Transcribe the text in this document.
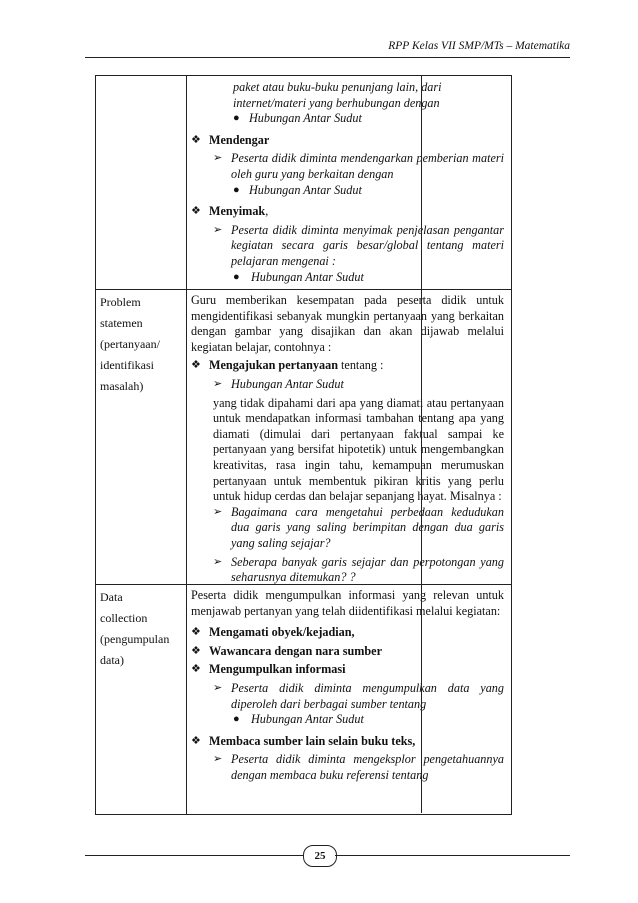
RPP Kelas VII SMP/MTs – Matematika

paket atau buku-buku penunjang lain, dari

internet/materi yang berhubungan dengan

● Hubungan Antar Sudut
❖ Mendengar
➢ Peserta didik diminta mendengarkan pemberian materi oleh guru yang berkaitan dengan
● Hubungan Antar Sudut
❖ Menyimak,
➢ Peserta didik diminta menyimak penjelasan pengantar kegiatan secara garis besar/global tentang materi pelajaran mengenai :
● Hubungan Antar Sudut
Problem
statemen
(pertanyaan/
identifikasi
masalah)

Guru memberikan kesempatan pada peserta didik untuk mengidentifikasi sebanyak mungkin pertanyaan yang berkaitan dengan gambar yang disajikan dan akan dijawab melalui kegiatan belajar, contohnya :

❖ Mengajukan pertanyaan tentang :
➢ Hubungan Antar Sudut

yang tidak dipahami dari apa yang diamati atau pertanyaan untuk mendapatkan informasi tambahan tentang apa yang diamati (dimulai dari pertanyaan faktual sampai ke pertanyaan yang bersifat hipotetik) untuk mengembangkan kreativitas, rasa ingin tahu, kemampuan merumuskan pertanyaan untuk membentuk pikiran kritis yang perlu untuk hidup cerdas dan belajar sepanjang hayat. Misalnya :

➢ Bagaimana cara mengetahui perbedaan kedudukan dua garis yang saling berimpitan dengan dua garis yang saling sejajar?
➢ Seberapa banyak garis sejajar dan perpotongan yang seharusnya ditemukan? ?
Data
collection
(pengumpulan
data)

Peserta didik mengumpulkan informasi yang relevan untuk menjawab pertanyan yang telah diidentifikasi melalui kegiatan:

❖ Mengamati obyek/kejadian,
❖ Wawancara dengan nara sumber
❖ Mengumpulkan informasi
➢ Peserta didik diminta mengumpulkan data yang diperoleh dari berbagai sumber tentang
● Hubungan Antar Sudut
❖ Membaca sumber lain selain buku teks,
➢ Peserta didik diminta mengeksplor pengetahuannya dengan membaca buku referensi tentang
25
